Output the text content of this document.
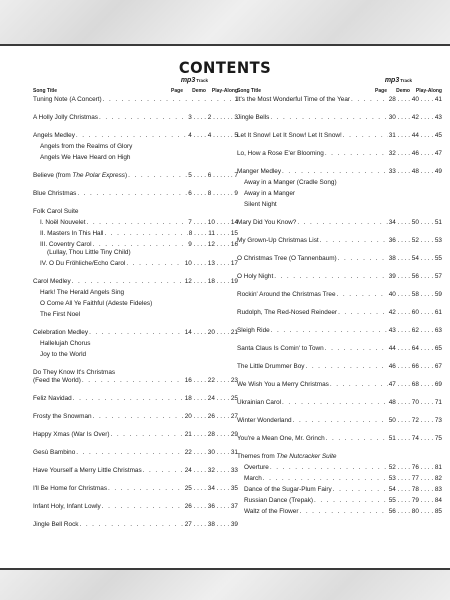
CONTENTS
mp3Track
Song Title	Page Demo Play-Along
Tuning Note (A Concert) . . .	1
A Holly Jolly Christmas . . .	3 . . . . 2 . . . . . . 3
Angels Medley . . .	4 . . . . 4 . . . . . . 5
Angels from the Realms of Glory
Angels We Have Heard on High
Believe (from The Polar Express) . . .	5 . . . . 6 . . . . . . 7
Blue Christmas . . .	6 . . . . 8 . . . . . . 9
Folk Carol Suite
I. Noël Nouvelet . . .	7 . . . . 10 . . . . 14
II. Masters In This Hall . . .	8 . . . . 11 . . . . 15
III. Coventry Carol . . .	9 . . . . 12 . . . . 16
(Lullay, Thou Little Tiny Child)
IV. O Du Fröhliche/Echo Carol . . .	10 . . . . 13 . . . . 17
Carol Medley . . .	12 . . . . 18 . . . . 19
Hark! The Herald Angels Sing
O Come All Ye Faithful (Adeste Fideles)
The First Noel
Celebration Medley . . .	14 . . . . 20 . . . . 21
Hallelujah Chorus
Joy to the World
Do They Know It's Christmas
(Feed the World) . . .	16 . . . . 22 . . . . 23
Feliz Navidad . . .	18 . . . . 24 . . . . 25
Frosty the Snowman . . .	20 . . . . 26 . . . . 27
Happy Xmas (War Is Over) . . .	21 . . . . 28 . . . . 29
Gesù Bambino . . .	22 . . . . 30 . . . . 31
Have Yourself a Merry Little Christmas . . .	24 . . . . 32 . . . . 33
I'll Be Home for Christmas . . .	25 . . . . 34 . . . . 35
Infant Holy, Infant Lowly . . .	26 . . . . 36 . . . . 37
Jingle Bell Rock . . .	27 . . . . 38 . . . . 39
mp3Track
Song Title	Page Demo Play-Along
It's the Most Wonderful Time of the Year . . .	28 . . . . 40 . . . . 41
Jingle Bells . . .	30 . . . . 42 . . . . 43
Let It Snow! Let It Snow! Let It Snow! . . .	31 . . . . 44 . . . . 45
Lo, How a Rose E'er Blooming . . .	32 . . . . 46 . . . . 47
Manger Medley . . .	33 . . . . 48 . . . . 49
Away in a Manger (Cradle Song)
Away in a Manger
Silent Night
Mary Did You Know? . . .	34 . . . . 50 . . . . 51
My Grown-Up Christmas List . . .	36 . . . . 52 . . . . 53
O Christmas Tree (O Tannenbaum) . . .	38 . . . . 54 . . . . 55
O Holy Night . . .	39 . . . . 56 . . . . 57
Rockin' Around the Christmas Tree . . .	40 . . . . 58 . . . . 59
Rudolph, The Red-Nosed Reindeer . . .	42 . . . . 60 . . . . 61
Sleigh Ride . . .	43 . . . . 62 . . . . 63
Santa Claus Is Comin' to Town . . .	44 . . . . 64 . . . . 65
The Little Drummer Boy . . .	46 . . . . 66 . . . . 67
We Wish You a Merry Christmas . . .	47 . . . . 68 . . . . 69
Ukrainian Carol . . .	48 . . . . 70 . . . . 71
Winter Wonderland . . .	50 . . . . 72 . . . . 73
You're a Mean One, Mr. Grinch . . .	51 . . . . 74 . . . . 75
Themes from The Nutcracker Suite
Overture . . .	52 . . . . 76 . . . . 81
March . . .	53 . . . . 77 . . . . 82
Dance of the Sugar-Plum Fairy . . .	54 . . . . 78 . . . . 83
Russian Dance (Trepak) . . .	55 . . . . 79 . . . . 84
Waltz of the Flower . . .	56 . . . . 80 . . . . 85
